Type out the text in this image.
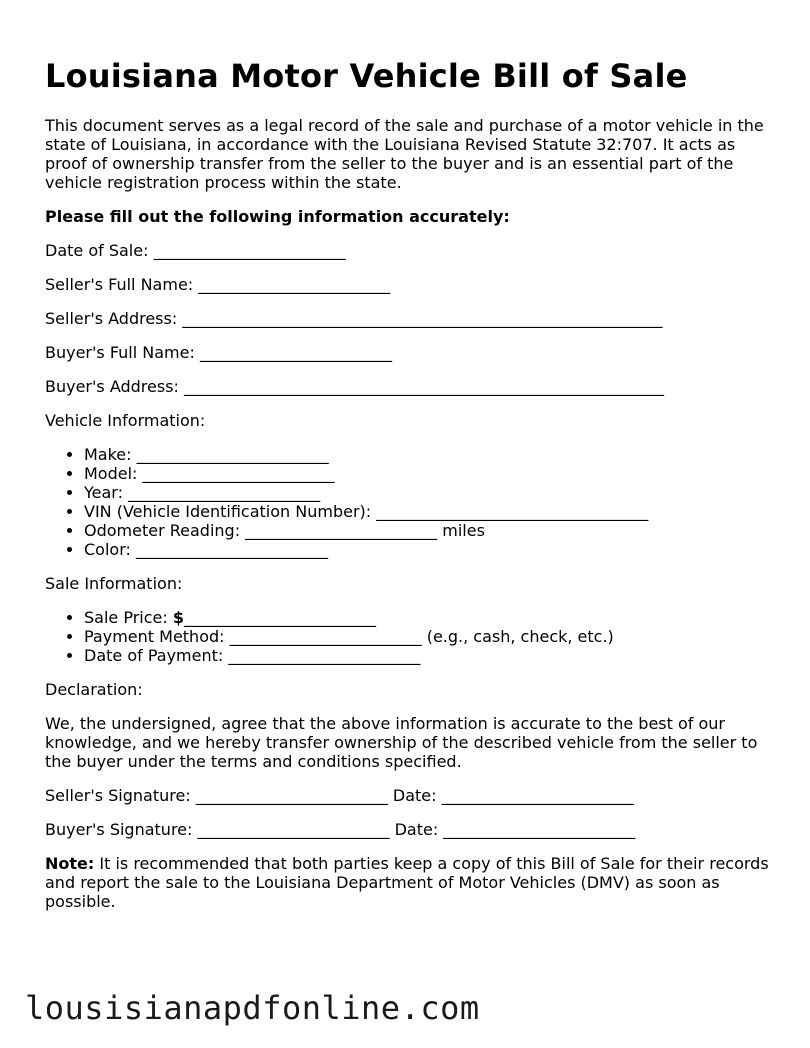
Louisiana Motor Vehicle Bill of Sale

This document serves as a legal record of the sale and purchase of a motor vehicle in the state of Louisiana, in accordance with the Louisiana Revised Statute 32:707. It acts as proof of ownership transfer from the seller to the buyer and is an essential part of the vehicle registration process within the state.

Please fill out the following information accurately:

Date of Sale: ________________________

Seller's Full Name: ________________________

Seller's Address: ____________________________________________________________

Buyer's Full Name: ________________________

Buyer's Address: ____________________________________________________________

Vehicle Information:

• Make: ________________________
• Model: ________________________
• Year: ________________________
• VIN (Vehicle Identification Number): __________________________________
• Odometer Reading: ________________________ miles
• Color: ________________________

Sale Information:

• Sale Price: $________________________
• Payment Method: ________________________ (e.g., cash, check, etc.)
• Date of Payment: ________________________

Declaration:

We, the undersigned, agree that the above information is accurate to the best of our knowledge, and we hereby transfer ownership of the described vehicle from the seller to the buyer under the terms and conditions specified.

Seller's Signature: ________________________ Date: ________________________

Buyer's Signature: ________________________ Date: ________________________

Note: It is recommended that both parties keep a copy of this Bill of Sale for their records and report the sale to the Louisiana Department of Motor Vehicles (DMV) as soon as possible.

lousisianapdfonline.com
